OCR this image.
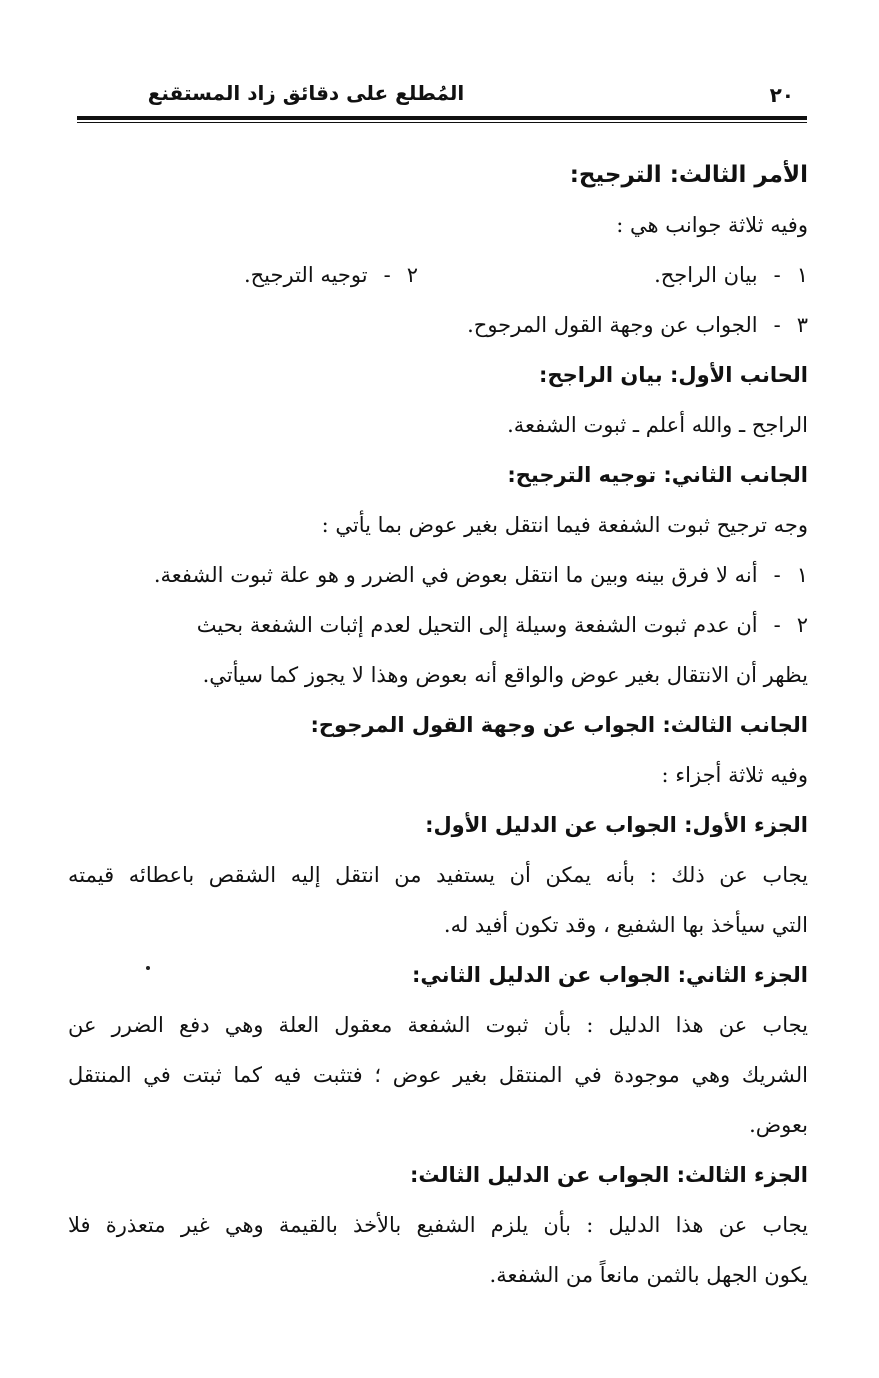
٢٠
المُطلع على دقائق زاد المستقنع
الأمر الثالث: الترجيح:
وفيه ثلاثة جوانب هي :
١
-
بيان الراجح.
٢
-
توجيه الترجيح.
٣
-
الجواب عن وجهة القول المرجوح.
الحانب الأول: بيان الراجح:
الراجح ـ والله أعلم ـ ثبوت الشفعة.
الجانب الثاني: توجيه الترجيح:
وجه ترجيح ثبوت الشفعة فيما انتقل بغير عوض بما يأتي :
١
-
أنه لا فرق بينه وبين ما انتقل بعوض في الضرر و هو علة ثبوت الشفعة.
٢
-
أن عدم ثبوت الشفعة وسيلة إلى التحيل لعدم إثبات الشفعة بحيث
يظهر أن الانتقال بغير عوض والواقع أنه بعوض وهذا لا يجوز كما سيأتي.
الجانب الثالث: الجواب عن وجهة القول المرجوح:
وفيه ثلاثة أجزاء :
الجزء الأول: الجواب عن الدليل الأول:
يجاب عن ذلك : بأنه يمكن أن يستفيد من انتقل إليه الشقص باعطائه قيمته
التي سيأخذ بها الشفيع ، وقد تكون أفيد له.
الجزء الثاني: الجواب عن الدليل الثاني:
يجاب عن هذا الدليل : بأن ثبوت الشفعة معقول العلة وهي دفع الضرر عن
الشريك وهي موجودة في المنتقل بغير عوض ؛ فتثبت فيه كما ثبتت في المنتقل
بعوض.
الجزء الثالث: الجواب عن الدليل الثالث:
يجاب عن هذا الدليل : بأن يلزم الشفيع بالأخذ بالقيمة وهي غير متعذرة فلا
يكون الجهل بالثمن مانعاً من الشفعة.
